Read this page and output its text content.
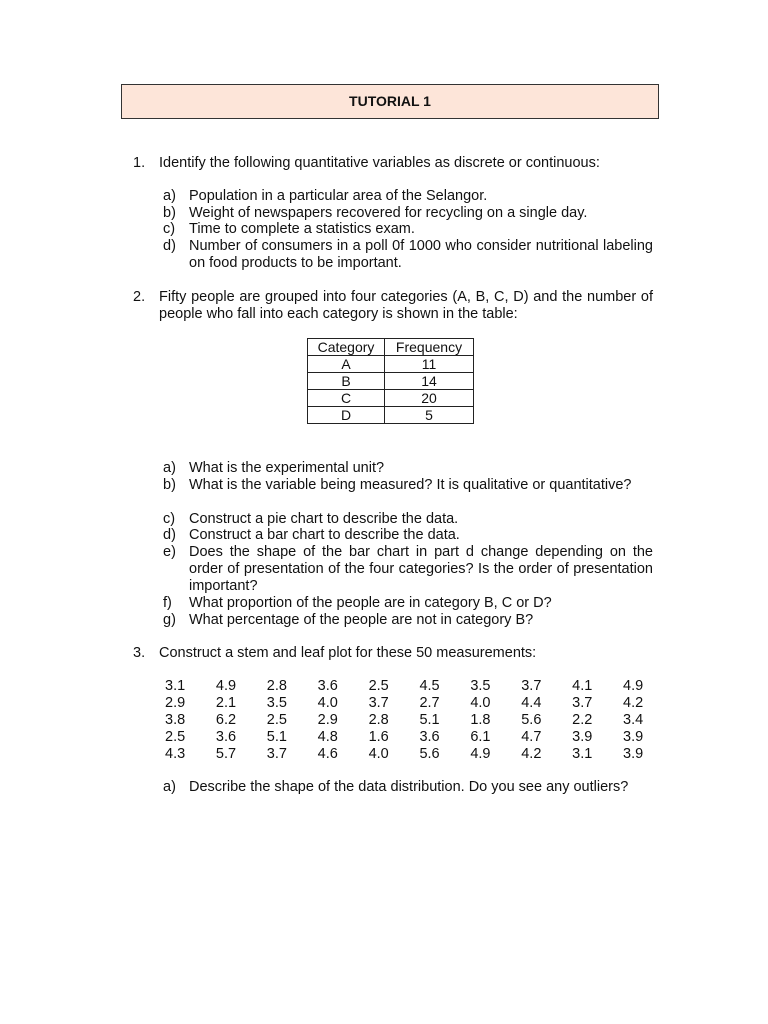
TUTORIAL 1
1. Identify the following quantitative variables as discrete or continuous:
a) Population in a particular area of the Selangor.
b) Weight of newspapers recovered for recycling on a single day.
c) Time to complete a statistics exam.
d) Number of consumers in a poll 0f 1000 who consider nutritional labeling on food products to be important.
2. Fifty people are grouped into four categories (A, B, C, D) and the number of people who fall into each category is shown in the table:
Category	Frequency
A	11
B	14
C	20
D	5
a) What is the experimental unit?
b) What is the variable being measured? It is qualitative or quantitative?
c) Construct a pie chart to describe the data.
d) Construct a bar chart to describe the data.
e) Does the shape of the bar chart in part d change depending on the order of presentation of the four categories? Is the order of presentation important?
f) What proportion of the people are in category B, C or D?
g) What percentage of the people are not in category B?
3. Construct a stem and leaf plot for these 50 measurements:
3.1	4.9	2.8	3.6	2.5	4.5	3.5	3.7	4.1	4.9
2.9	2.1	3.5	4.0	3.7	2.7	4.0	4.4	3.7	4.2
3.8	6.2	2.5	2.9	2.8	5.1	1.8	5.6	2.2	3.4
2.5	3.6	5.1	4.8	1.6	3.6	6.1	4.7	3.9	3.9
4.3	5.7	3.7	4.6	4.0	5.6	4.9	4.2	3.1	3.9
a) Describe the shape of the data distribution. Do you see any outliers?
